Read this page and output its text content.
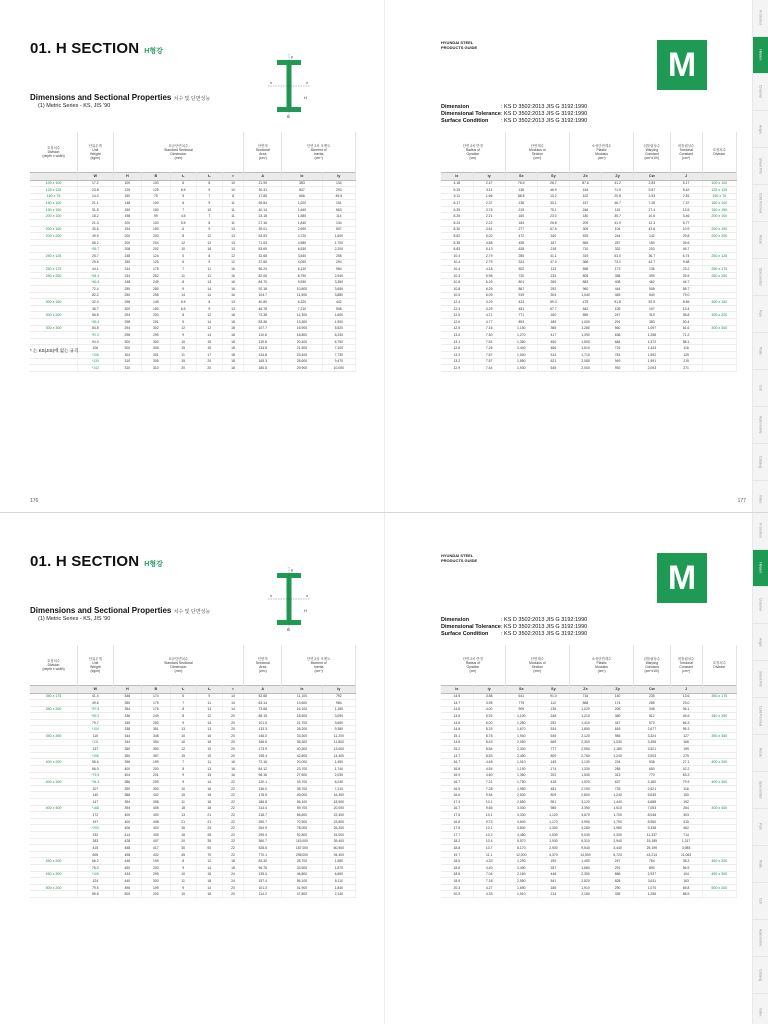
01. H SECTION H형강
x	x
y
B
H
Dimensions and Sectional Properties 치수 및 단면성능
(1) Metric Series - KS, JIS '90
호칭치수
Division
(depth x width)	단위무게
Unit
Weight
(kg/m)	표준단면치수
Standard Sectional
Dimension
(mm)					단면적
Sectional
Area
(cm²)	단면 2차 모멘트
Moment of
Inertia
(cm⁴)	
	W	H	B	t₁	t₂	r	A	Ix	Iy
100 x 100	17.2	100	100	6	8	10	21.90	383	134
125 x 125	23.8	125	125	6.5	9	10	30.31	847	293
150 x 75	14.0	150	75	5	7	8	17.85	666	49.5
150 x 100	21.1	148	100	6	9	11	26.84	1,020	151
150 x 150	31.5	150	150	7	10	11	40.14	1,640	563
200 x 100	18.2	198	99	4.5	7	11	23.18	1,580	114
	21.3	200	100	5.5	8	11	27.16	1,840	134
200 x 150	30.6	194	150	6	9	13	39.01	2,690	507
200 x 200	49.9	200	200	8	12	13	63.53	4,720	1,600
	56.2	200	204	12	12	13	71.53	4,980	1,700
	*65.7	208	202	10	16	13	83.69	6,530	2,200
250 x 125	25.7	248	124	5	8	12	32.68	3,540	255
	29.6	250	125	6	9	12	37.66	4,050	294
250 x 175	44.1	244	175	7	11	16	56.24	6,120	984
250 x 250	*64.4	244	252	11	11	16	82.06	8,790	2,940
	*66.5	248	249	8	13	16	84.70	9,930	3,350
	72.4	250	250	9	14	16	92.18	10,800	3,650
	82.2	250	255	14	14	16	104.7	11,500	3,880
300 x 150	32.0	298	149	5.5	8	13	40.80	6,320	442
	36.7	300	150	6.5	9	13	46.78	7,210	508
300 x 200	56.8	294	200	8	12	18	72.38	11,300	1,600
	*65.4	298	201	9	14	18	83.36	13,300	1,900
300 x 300	84.5	294	302	12	12	18	107.7	16,900	5,520
	*87.0	298	299	9	14	18	110.8	18,800	6,240
	94.0	300	300	10	15	18	119.8	20,400	6,750
	106	300	305	15	15	18	134.8	21,500	7,100
	*106	304	301	11	17	18	134.8	23,400	7,730
	*130	310	305	15	20	18	165.3	28,600	9,470
	*142	310	310	20	20	18	180.8	29,900	10,000
* 는 KS(JIS)에 없는 규격
176
HYUNDAI STEEL
PRODUCTS GUIDE	M
Dimension	: KS D 3502:2013 JIS G 3192:1990
Dimensional Tolerance : KS D 3502:2013 JIS G 3192:1990
Surface Condition	: KS D 3502:2013 JIS G 3192:1990
단면 2차 반경
Radius of
Gyration
(cm)		단면계수
Modulus of
Section
(cm³)		소성단면계수
Plastic
Modulus
(cm³)		뒤틀림상수
Warping
Constant
(cm⁶x10³)	비틀림상수
Torsional
Constant
(cm⁴)	호칭치수
Division
ix	iy	Sx	Sy	Zx	Zy	Cw	J	
4.18	2.47	76.5	26.7	87.6	41.2	2.83	5.17	100 x 100
5.29	3.11	136	46.9	154	71.9	9.87	8.42	125 x 125
6.11	1.66	88.8	13.2	102	20.8	2.53	2.81	150 x 75
6.17	2.37	138	30.1	157	46.7	7.28	7.37	150 x 100
6.39	3.75	219	75.1	246	115	27.4	13.5	150 x 150
8.26	2.21	160	23.0	180	35.7	10.6	3.46	200 x 100
8.24	2.22	184	26.8	209	41.9	12.3	5.77	
8.30	3.61	277	67.6	309	104	43.6	10.9	200 x 150
8.62	5.02	472	160	525	244	142	29.8	200 x 200
8.35	4.88	498	167	565	257	150	39.6	
8.83	5.13	628	218	710	332	203	46.7	
10.4	2.79	285	41.1	319	63.0	36.7	6.74	250 x 125
10.4	2.79	324	47.0	366	73.1	42.7	9.68	
10.4	4.18	502	113	558	173	136	23.2	250 x 175
10.3	5.98	720	233	805	358	399	39.5	250 x 250
10.8	6.29	801	269	883	408	462	44.7	
10.8	6.29	867	292	960	444	508	58.7	
10.5	6.09	919	304	1,040	469	540	79.0	
12.4	3.29	424	59.3	475	91.8	92.9	8.65	300 x 150
12.4	3.29	481	67.7	542	105	107	13.4	
12.5	4.71	771	160	859	247	319	35.8	300 x 200
12.6	4.77	893	189	1,000	291	383	50.4	
12.5	7.16	1,150	365	1,280	560	1,097	61.6	300 x 300
13.0	7.50	1,270	417	1,390	636	1,258	71.2	
13.1	7.51	1,360	450	1,500	684	1,372	88.1	
12.6	7.26	1,440	466	1,610	716	1,443	116	
13.2	7.57	1,540	514	1,710	781	1,592	125	
13.2	7.57	1,850	621	2,080	949	1,991	215	
12.9	7.44	1,930	645	2,000	992	2,093	271	
177
H Section
I-Beam
Channel
Angle
Sheet Pile
Cold Formed
Rebar
Special Bar
Pipe
Plate
Coil
Automotive
Catalog
Index
01. H SECTION H형강
x	x
y
B
H
Dimensions and Sectional Properties 치수 및 단면성능
(1) Metric Series - KS, JIS '90
호칭치수
Division
(depth x width)	단위무게
Unit
Weight
(kg/m)	표준단면치수
Standard Sectional
Dimension
(mm)					단면적
Sectional
Area
(cm²)	단면 2차 모멘트
Moment of
Inertia
(cm⁴)	
	W	H	B	t₁	t₂	r	A	Ix	Iy
350 x 175	41.4	346	174	6	9	14	52.68	11,100	792
	49.6	350	175	7	11	14	63.14	13,600	984
350 x 250	*57.8	354	176	8	13	14	73.68	16,100	1,180
	*69.2	336	249	8	12	20	88.15	18,500	3,090
	79.7	340	250	9	14	20	101.5	21,700	3,650
	*104	338	351	13	13	20	133.3	28,200	9,380
350 x 350	115	344	348	10	16	20	146.0	33,300	11,200
	*131	344	354	16	16	20	166.6	35,300	11,800
	137	350	350	12	19	20	173.9	40,300	13,600
	*156	350	357	19	19	20	198.4	42,800	14,400
400 x 200	56.6	396	199	7	11	16	72.16	20,000	1,450
	66.0	400	200	8	13	16	84.12	23,700	1,740
	*75.5	404	201	9	15	16	96.16	27,500	2,030
400 x 300	*94.3	386	299	9	14	22	120.1	33,700	6,240
	107	390	300	10	16	22	136.0	38,700	7,210
	140	388	402	15	15	22	178.5	49,000	16,300
	147	394	398	11	18	22	186.8	56,100	18,900
400 x 400	*168	394	405	18	18	22	214.4	59,700	20,000
	172	400	400	13	21	22	218.7	66,600	22,400
	197	400	408	21	21	22	250.7	70,900	23,800
	*200	406	403	16	24	22	254.9	78,000	26,200
	232	414	405	18	28	22	295.4	92,800	31,000
	283	428	407	20	35	22	360.7	119,000	39,400
	415	458	417	30	50	22	528.6	187,000	60,500
	605	498	432	45	70	22	770.1	298,000	94,400
450 x 200	66.2	446	199	8	12	18	84.30	28,700	1,580
	76.0	450	200	9	14	18	96.76	33,500	1,870
450 x 300	*106	434	299	10	15	24	135.0	46,800	6,690
	124	440	300	11	18	24	157.4	56,100	8,110
500 x 200	79.5	496	199	9	14	20	101.3	41,900	1,840
	89.6	500	200	10	16	20	114.2	47,800	2,140
HYUNDAI STEEL
PRODUCTS GUIDE	M
Dimension	: KS D 3502:2013 JIS G 3192:1990
Dimensional Tolerance : KS D 3502:2013 JIS G 3192:1990
Surface Condition	: KS D 3502:2013 JIS G 3192:1990
단면 2차 반경
Radius of
Gyration
(cm)		단면계수
Modulus of
Section
(cm³)		소성단면계수
Plastic
Modulus
(cm³)		뒤틀림상수
Warping
Constant
(cm⁶x10³)	비틀림상수
Torsional
Constant
(cm⁴)	호칭치수
Division
ix	iy	Sx	Sy	Zx	Zy	Cw	J	
14.5	3.88	641	91.0	716	140	235	13.6	350 x 175
14.7	3.95	775	112	868	174	285	23.0	
14.8	4.00	909	135	1,020	208	346	36.1	
14.5	5.92	1,100	248	1,210	380	812	46.6	340 x 250
14.6	6.00	1,280	292	1,410	447	970	66.3	
14.6	8.33	1,670	534	1,850	818	2,677	95.3	
15.1	8.78	1,940	646	2,120	985	3,324	127	350 x 350
14.6	8.43	2,050	669	2,300	1,030	3,496	166	
15.2	8.84	2,300	777	2,550	1,180	3,521	199	
14.7	8.53	2,450	809	2,760	1,240	3,903	275	
16.7	4.48	1,010	145	1,130	224	536	27.1	400 x 200
16.8	4.54	1,190	174	1,330	268	650	42.2	
16.9	4.60	1,360	202	1,530	313	770	63.3	
16.7	7.21	1,750	418	1,920	637	2,160	79.9	400 x 300
16.9	7.28	1,980	481	2,190	733	2,521	116	
16.6	9.54	2,530	809	2,800	1,240	5,635	150	
17.3	10.1	2,850	951	3,120	1,440	6,688	192	
16.7	9.65	3,030	985	3,390	1,510	7,053	264	400 x 400
17.5	10.1	3,330	1,120	3,670	1,700	8,048	303	
16.8	9.73	3,540	1,170	3,990	1,790	8,550	415	
17.5	10.1	3,840	1,300	4,280	1,980	9,338	462	
17.7	10.2	4,480	1,530	5,030	2,330	11,337	714	
18.2	10.4	5,570	1,930	6,310	2,940	15,185	1,317	
18.8	10.7	8,170	2,900	9,540	4,440	25,199	3,985	
19.7	11.1	12,000	4,370	14,500	6,720	43,214	11,063	
18.5	4.33	1,290	159	1,450	247	764	38.3	450 x 200
18.6	4.40	1,490	187	1,680	291	890	56.9	
18.6	7.04	2,160	448	2,390	686	2,937	104	450 x 300
18.9	7.18	2,550	541	2,820	828	3,611	163	
20.3	4.27	1,690	185	1,910	290	1,070	65.8	500 x 200
20.5	4.33	1,910	214	2,180	335	1,256	88.9	
H Section
I-Beam
Channel
Angle
Sheet Pile
Cold Formed
Rebar
Special Bar
Pipe
Plate
Coil
Automotive
Catalog
Index
